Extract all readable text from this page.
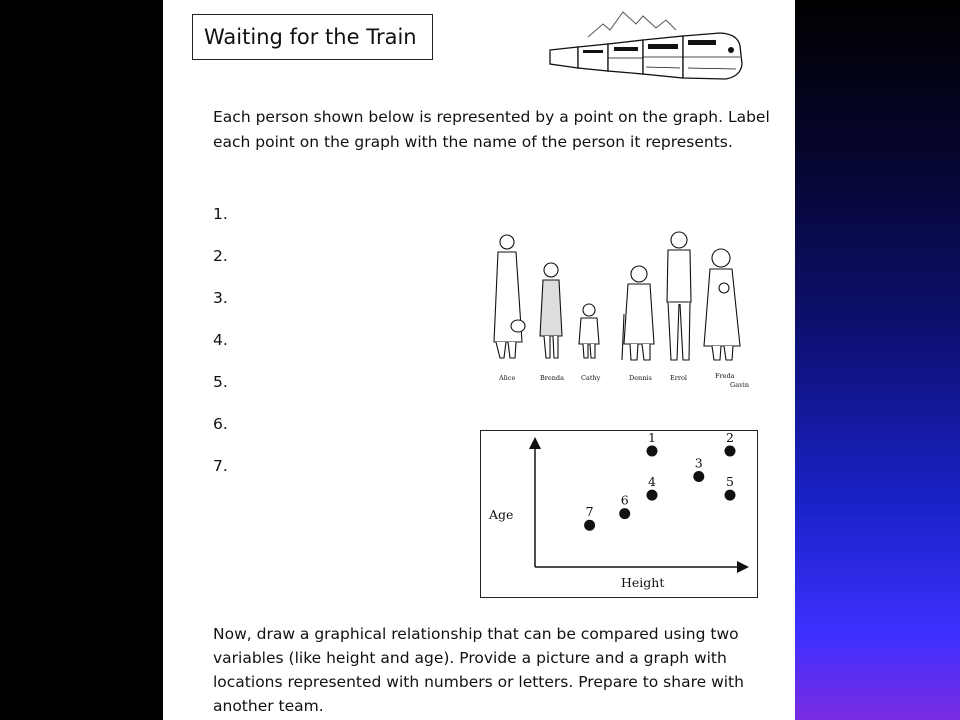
Waiting for the Train
Each person shown below is represented by a point on the graph. Label each point on the graph with the name of the person it represents.
1.
2.
3.
4.
5.
6.
7.
Alice	Brenda	Cathy	Dennis	Errol	Freda
Gavin
Age
Height
1	2
3
4	5
6
7
Now, draw a graphical relationship that can be compared using two variables (like height and age). Provide a picture and a graph with locations represented with numbers or letters. Prepare to share with another team.
